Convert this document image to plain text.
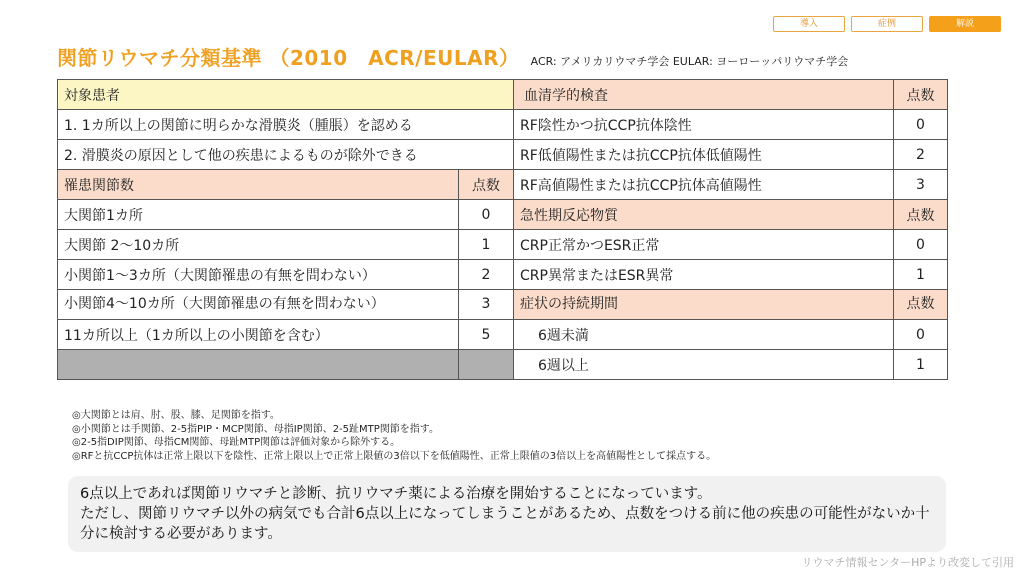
導入	症例	解説
関節リウマチ分類基準 （2010　ACR/EULAR） ACR: アメリカリウマチ学会 EULAR: ヨーローッパリウマチ学会
対象患者		血清学的検査	点数
1. 1カ所以上の関節に明らかな滑膜炎（腫脹）を認める		RF陰性かつ抗CCP抗体陰性	0
2. 滑膜炎の原因として他の疾患によるものが除外できる		RF低値陽性または抗CCP抗体低値陽性	2
罹患関節数	点数	RF高値陽性または抗CCP抗体高値陽性	3
大関節1カ所	0	急性期反応物質	点数
大関節 2～10カ所	1	CRP正常かつESR正常	0
小関節1～3カ所（大関節罹患の有無を問わない）	2	CRP異常またはESR異常	1
小関節4～10カ所（大関節罹患の有無を問わない）	3	症状の持続期間	点数
11カ所以上（1カ所以上の小関節を含む）	5	6週未満	0
		6週以上	1
◎大関節とは肩、肘、股、膝、足関節を指す。
◎小関節とは手関節、2-5指PIP・MCP関節、母指IP関節、2-5趾MTP関節を指す。
◎2-5指DIP関節、母指CM関節、母趾MTP関節は評価対象から除外する。
◎RFと抗CCP抗体は正常上限以下を陰性、正常上限以上で正常上限値の3倍以下を低値陽性、正常上限値の3倍以上を高値陽性として採点する。
6点以上であれば関節リウマチと診断、抗リウマチ薬による治療を開始することになっています。
ただし、関節リウマチ以外の病気でも合計6点以上になってしまうことがあるため、点数をつける前に他の疾患の可能性がないか十分に検討する必要があります。
リウマチ情報センターHPより改変して引用
